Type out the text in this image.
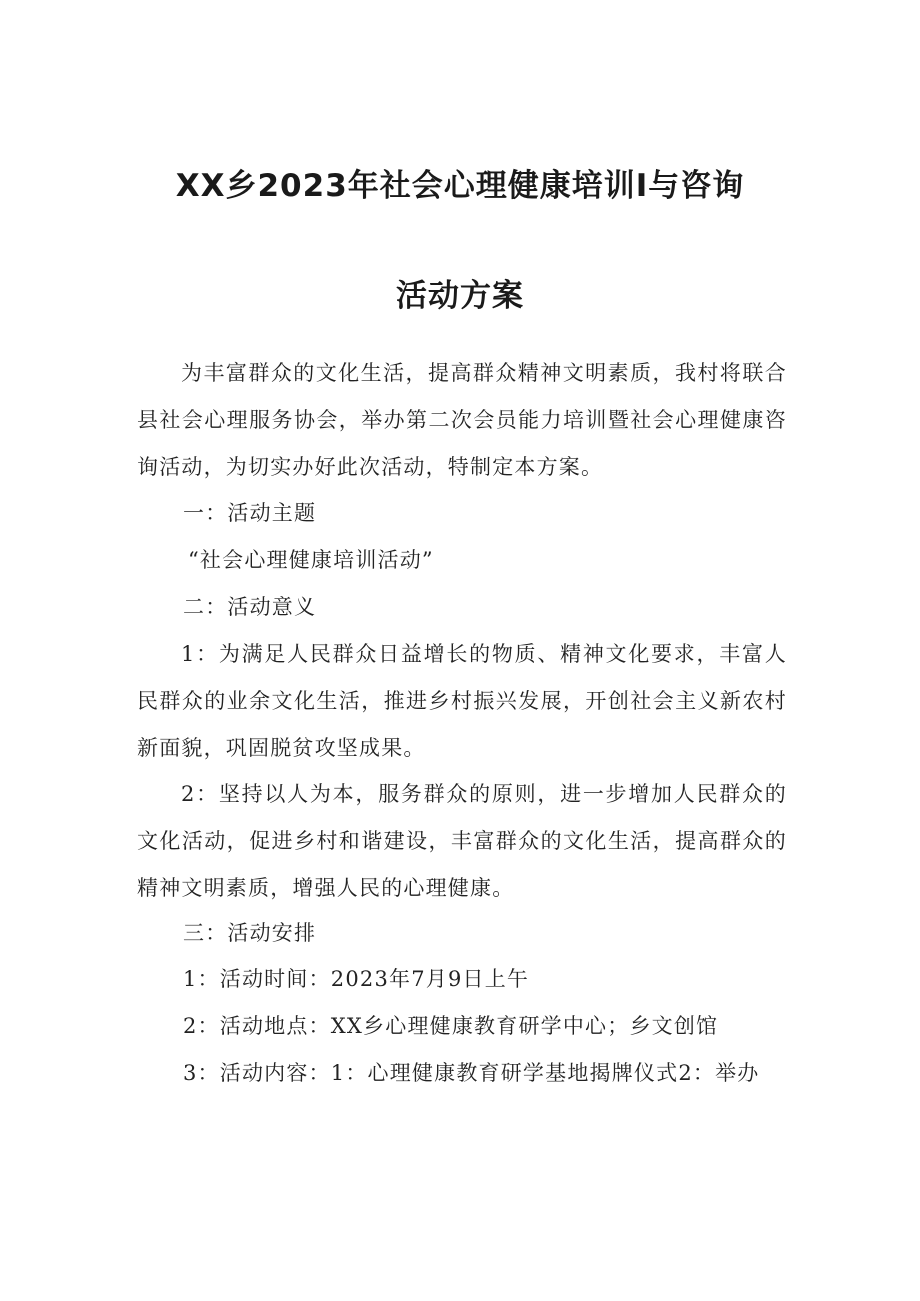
XX乡2023年社会心理健康培训I与咨询
活动方案

为丰富群众的文化生活，提高群众精神文明素质，我村将联合县社会心理服务协会，举办第二次会员能力培训暨社会心理健康咨询活动，为切实办好此次活动，特制定本方案。

一：活动主题
“社会心理健康培训活动”
二：活动意义

1：为满足人民群众日益增长的物质、精神文化要求，丰富人民群众的业余文化生活，推进乡村振兴发展，开创社会主义新农村新面貌，巩固脱贫攻坚成果。

2：坚持以人为本，服务群众的原则，进一步增加人民群众的文化活动，促进乡村和谐建设，丰富群众的文化生活，提高群众的精神文明素质，增强人民的心理健康。

三：活动安排
1：活动时间：2023年7月9日上午
2：活动地点：XX乡心理健康教育研学中心；乡文创馆
3：活动内容：1：心理健康教育研学基地揭牌仪式2：举办
